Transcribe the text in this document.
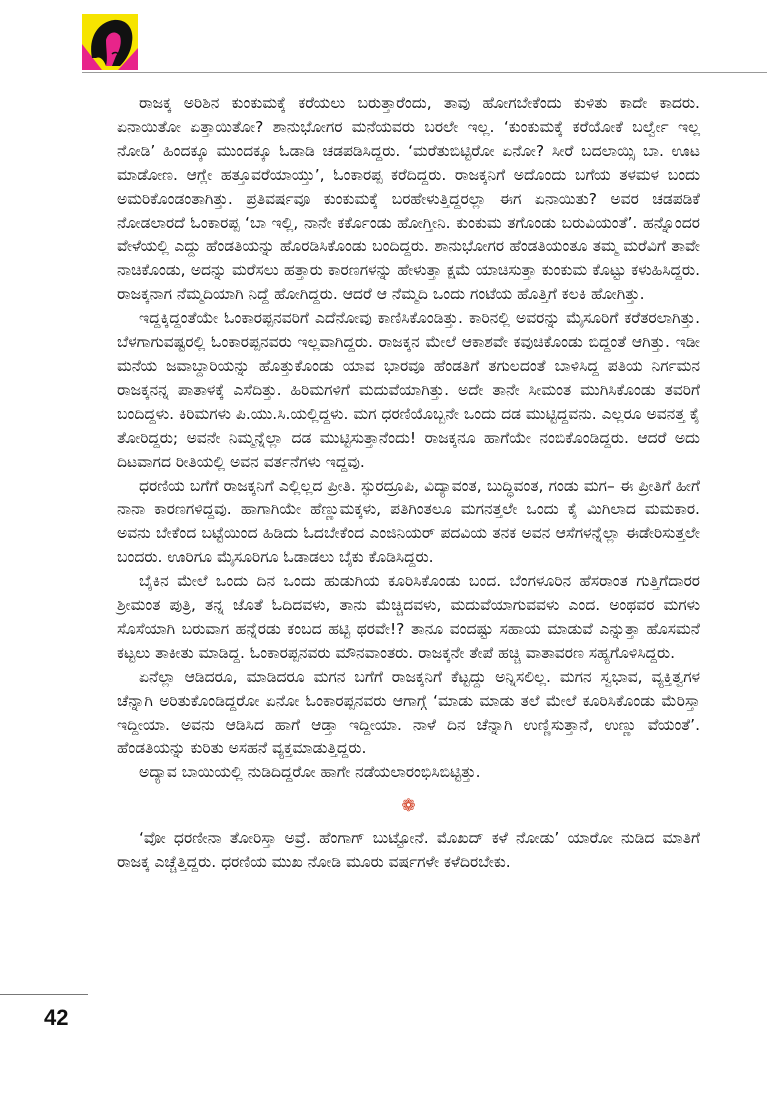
ರಾಜಕ್ಕ ಅರಿಶಿನ ಕುಂಕುಮಕ್ಕೆ ಕರೆಯಲು ಬರುತ್ತಾರೆಂದು, ತಾವು ಹೋಗಬೇಕೆಂದು ಕುಳಿತು ಕಾದೇ ಕಾದರು. ಏನಾಯಿತೋ ಏತ್ತಾಯಿತೋ? ಶಾನುಭೋಗರ ಮನೆಯವರು ಬರಲೇ ಇಲ್ಲ. ‘ಕುಂಕುಮಕ್ಕೆ ಕರೆಯೋಕೆ ಬರ್ಲ್ವೇ ಇಲ್ಲ ನೋಡಿ’ ಹಿಂದಕ್ಕೂ ಮುಂದಕ್ಕೂ ಓಡಾಡಿ ಚಡಪಡಿಸಿದ್ದರು. ‘ಮರೆತುಬಿಟ್ಟಿರೋ ಏನೋ? ಸೀರೆ ಬದಲಾಯ್ಸಿ ಬಾ. ಊಟ ಮಾಡೋಣ. ಆಗ್ಲೇ ಹತ್ತೂವರೆಯಾಯ್ತು’, ಓಂಕಾರಪ್ಪ ಕರೆದಿದ್ದರು. ರಾಜಕ್ಕನಿಗೆ ಅದೊಂದು ಬಗೆಯ ತಳಮಳ ಬಂದು ಅಮರಿಕೊಂಡಂತಾಗಿತ್ತು. ಪ್ರತಿವರ್ಷವೂ ಕುಂಕುಮಕ್ಕೆ ಬರಹೇಳುತ್ತಿದ್ದರಲ್ಲಾ ಈಗ ಏನಾಯಿತು? ಅವರ ಚಡಪಡಿಕೆ ನೋಡಲಾರದೆ ಓಂಕಾರಪ್ಪ ‘ಬಾ ಇಲ್ಲಿ, ನಾನೇ ಕರ್ಕೊಂಡು ಹೋಗ್ತೀನಿ. ಕುಂಕುಮ ತಗೊಂಡು ಬರುವಿಯಂತೆ’. ಹನ್ನೊಂದರ ವೇಳೆಯಲ್ಲಿ ಎದ್ದು ಹೆಂಡತಿಯನ್ನು ಹೊರಡಿಸಿಕೊಂಡು ಬಂದಿದ್ದರು. ಶಾನುಭೋಗರ ಹೆಂಡತಿಯಂತೂ ತಮ್ಮ ಮರೆವಿಗೆ ತಾವೇ ನಾಚಿಕೊಂಡು, ಅದನ್ನು ಮರೆಸಲು ಹತ್ತಾರು ಕಾರಣಗಳನ್ನು ಹೇಳುತ್ತಾ ಕ್ಷಮೆ ಯಾಚಿಸುತ್ತಾ ಕುಂಕುಮ ಕೊಟ್ಟು ಕಳುಹಿಸಿದ್ದರು. ರಾಜಕ್ಕನಾಗ ನೆಮ್ಮದಿಯಾಗಿ ನಿದ್ದೆ ಹೋಗಿದ್ದರು. ಆದರೆ ಆ ನೆಮ್ಮದಿ ಒಂದು ಗಂಟೆಯ ಹೊತ್ತಿಗೆ ಕಲಕಿ ಹೋಗಿತ್ತು.

ಇದ್ದಕ್ಕಿದ್ದಂತೆಯೇ ಓಂಕಾರಪ್ಪನವರಿಗೆ ಎದೆನೋವು ಕಾಣಿಸಿಕೊಂಡಿತ್ತು. ಕಾರಿನಲ್ಲಿ ಅವರನ್ನು ಮೈಸೂರಿಗೆ ಕರೆತರಲಾಗಿತ್ತು. ಬೆಳಗಾಗುವಷ್ಟರಲ್ಲಿ ಓಂಕಾರಪ್ಪನವರು ಇಲ್ಲವಾಗಿದ್ದರು. ರಾಜಕ್ಕನ ಮೇಲೆ ಆಕಾಶವೇ ಕವುಚಿಕೊಂಡು ಬಿದ್ದಂತೆ ಆಗಿತ್ತು. ಇಡೀ ಮನೆಯ ಜವಾಬ್ದಾರಿಯನ್ನು ಹೊತ್ತುಕೊಂಡು ಯಾವ ಭಾರವೂ ಹೆಂಡತಿಗೆ ತಗುಲದಂತೆ ಬಾಳಿಸಿದ್ದ ಪತಿಯ ನಿರ್ಗಮನ ರಾಜಕ್ಕನನ್ನ ಪಾತಾಳಕ್ಕೆ ಎಸೆದಿತ್ತು. ಹಿರಿಮಗಳಿಗೆ ಮದುವೆಯಾಗಿತ್ತು. ಅದೇ ತಾನೇ ಸೀಮಂತ ಮುಗಿಸಿಕೊಂಡು ತವರಿಗೆ ಬಂದಿದ್ದಳು. ಕಿರಿಮಗಳು ಪಿ.ಯು.ಸಿ.ಯಲ್ಲಿದ್ದಳು. ಮಗ ಧರಣಿಯೊಬ್ಬನೇ ಒಂದು ದಡ ಮುಟ್ಟಿದ್ದವನು. ಎಲ್ಲರೂ ಅವನತ್ತ ಕೈ ತೋರಿದ್ದರು; ಅವನೇ ನಿಮ್ಮನ್ನೆಲ್ಲಾ ದಡ ಮುಟ್ಟಿಸುತ್ತಾನೆಂದು! ರಾಜಕ್ಕನೂ ಹಾಗೆಯೇ ನಂಬಿಕೊಂಡಿದ್ದರು. ಆದರೆ ಅದು ದಿಟವಾಗದ ರೀತಿಯಲ್ಲಿ ಅವನ ವರ್ತನೆಗಳು ಇದ್ದವು.

ಧರಣಿಯ ಬಗೆಗೆ ರಾಜಕ್ಕನಿಗೆ ಎಲ್ಲಿಲ್ಲದ ಪ್ರೀತಿ. ಸ್ಫುರದ್ರೂಪಿ, ವಿದ್ಯಾವಂತ, ಬುದ್ಧಿವಂತ, ಗಂಡು ಮಗ– ಈ ಪ್ರೀತಿಗೆ ಹೀಗೆ ನಾನಾ ಕಾರಣಗಳಿದ್ದವು. ಹಾಗಾಗಿಯೇ ಹೆಣ್ಣುಮಕ್ಕಳು, ಪತಿಗಿಂತಲೂ ಮಗನತ್ತಲೇ ಒಂದು ಕೈ ಮಿಗಿಲಾದ ಮಮಕಾರ. ಅವನು ಬೇಕೆಂದ ಬಟ್ಟೆಯಿಂದ ಹಿಡಿದು ಓದಬೇಕೆಂದ ಎಂಜಿನಿಯರ್ ಪದವಿಯ ತನಕ ಅವನ ಆಸೆಗಳನ್ನೆಲ್ಲಾ ಈಡೇರಿಸುತ್ತಲೇ ಬಂದರು. ಊರಿಗೂ ಮೈಸೂರಿಗೂ ಓಡಾಡಲು ಬೈಕು ಕೊಡಿಸಿದ್ದರು.

ಬೈಕಿನ ಮೇಲೆ ಒಂದು ದಿನ ಒಂದು ಹುಡುಗಿಯ ಕೂರಿಸಿಕೊಂಡು ಬಂದ. ಬೆಂಗಳೂರಿನ ಹೆಸರಾಂತ ಗುತ್ತಿಗೆದಾರರ ಶ್ರೀಮಂತ ಪುತ್ರಿ, ತನ್ನ ಜೊತೆ ಓದಿದವಳು, ತಾನು ಮೆಚ್ಚಿದವಳು, ಮದುವೆಯಾಗುವವಳು ಎಂದ. ಅಂಥವರ ಮಗಳು ಸೊಸೆಯಾಗಿ ಬರುವಾಗ ಹನ್ನೆರಡು ಕಂಬದ ಹಟ್ಟಿ ಥರವೇ!? ತಾನೂ ವಂದಷ್ಟು ಸಹಾಯ ಮಾಡುವೆ ಎನ್ನುತ್ತಾ ಹೊಸಮನೆ ಕಟ್ಟಲು ತಾಕೀತು ಮಾಡಿದ್ದ. ಓಂಕಾರಪ್ಪನವರು ಮೌನವಾಂತರು. ರಾಜಕ್ಕನೇ ತೇಪೆ ಹಚ್ಚಿ ವಾತಾವರಣ ಸಹ್ಯಗೊಳಿಸಿದ್ದರು.

ಏನೆಲ್ಲಾ ಆಡಿದರೂ, ಮಾಡಿದರೂ ಮಗನ ಬಗೆಗೆ ರಾಜಕ್ಕನಿಗೆ ಕೆಟ್ಟದ್ದು ಅನ್ನಿಸಲಿಲ್ಲ. ಮಗನ ಸ್ವಭಾವ, ವ್ಯಕ್ತಿತ್ವಗಳ ಚೆನ್ನಾಗಿ ಅರಿತುಕೊಂಡಿದ್ದರೋ ಏನೋ ಓಂಕಾರಪ್ಪನವರು ಆಗಾಗ್ಗೆ ‘ಮಾಡು ಮಾಡು ತಲೆ ಮೇಲೆ ಕೂರಿಸಿಕೊಂಡು ಮೆರಿಸ್ತಾ ಇದ್ದೀಯಾ. ಅವನು ಆಡಿಸಿದ ಹಾಗೆ ಆಡ್ತಾ ಇದ್ದೀಯಾ. ನಾಳೆ ದಿನ ಚೆನ್ನಾಗಿ ಉಣ್ಣಿಸುತ್ತಾನೆ, ಉಣ್ಣು ವೆಯಂತೆ’. ಹೆಂಡತಿಯನ್ನು ಕುರಿತು ಅಸಹನೆ ವ್ಯಕ್ತಮಾಡುತ್ತಿದ್ದರು.

ಅದ್ಯಾವ ಬಾಯಿಯಲ್ಲಿ ನುಡಿದಿದ್ದರೋ ಹಾಗೇ ನಡೆಯಲಾರಂಭಿಸಿಬಿಟ್ಟಿತ್ತು.

❁

‘ವೋ ಧರಣೀನಾ ತೋರಿಸ್ತಾ ಅವ್ರೆ. ಹೆಂಗಾಗ್ ಬುಟ್ಟೋನೆ. ಮೊಖದ್ ಕಳೆ ನೋಡು’ ಯಾರೋ ನುಡಿದ ಮಾತಿಗೆ ರಾಜಕ್ಕ ಎಚ್ಚೆತ್ತಿದ್ದರು. ಧರಣಿಯ ಮುಖ ನೋಡಿ ಮೂರು ವರ್ಷಗಳೇ ಕಳೆದಿರಬೇಕು.

42
